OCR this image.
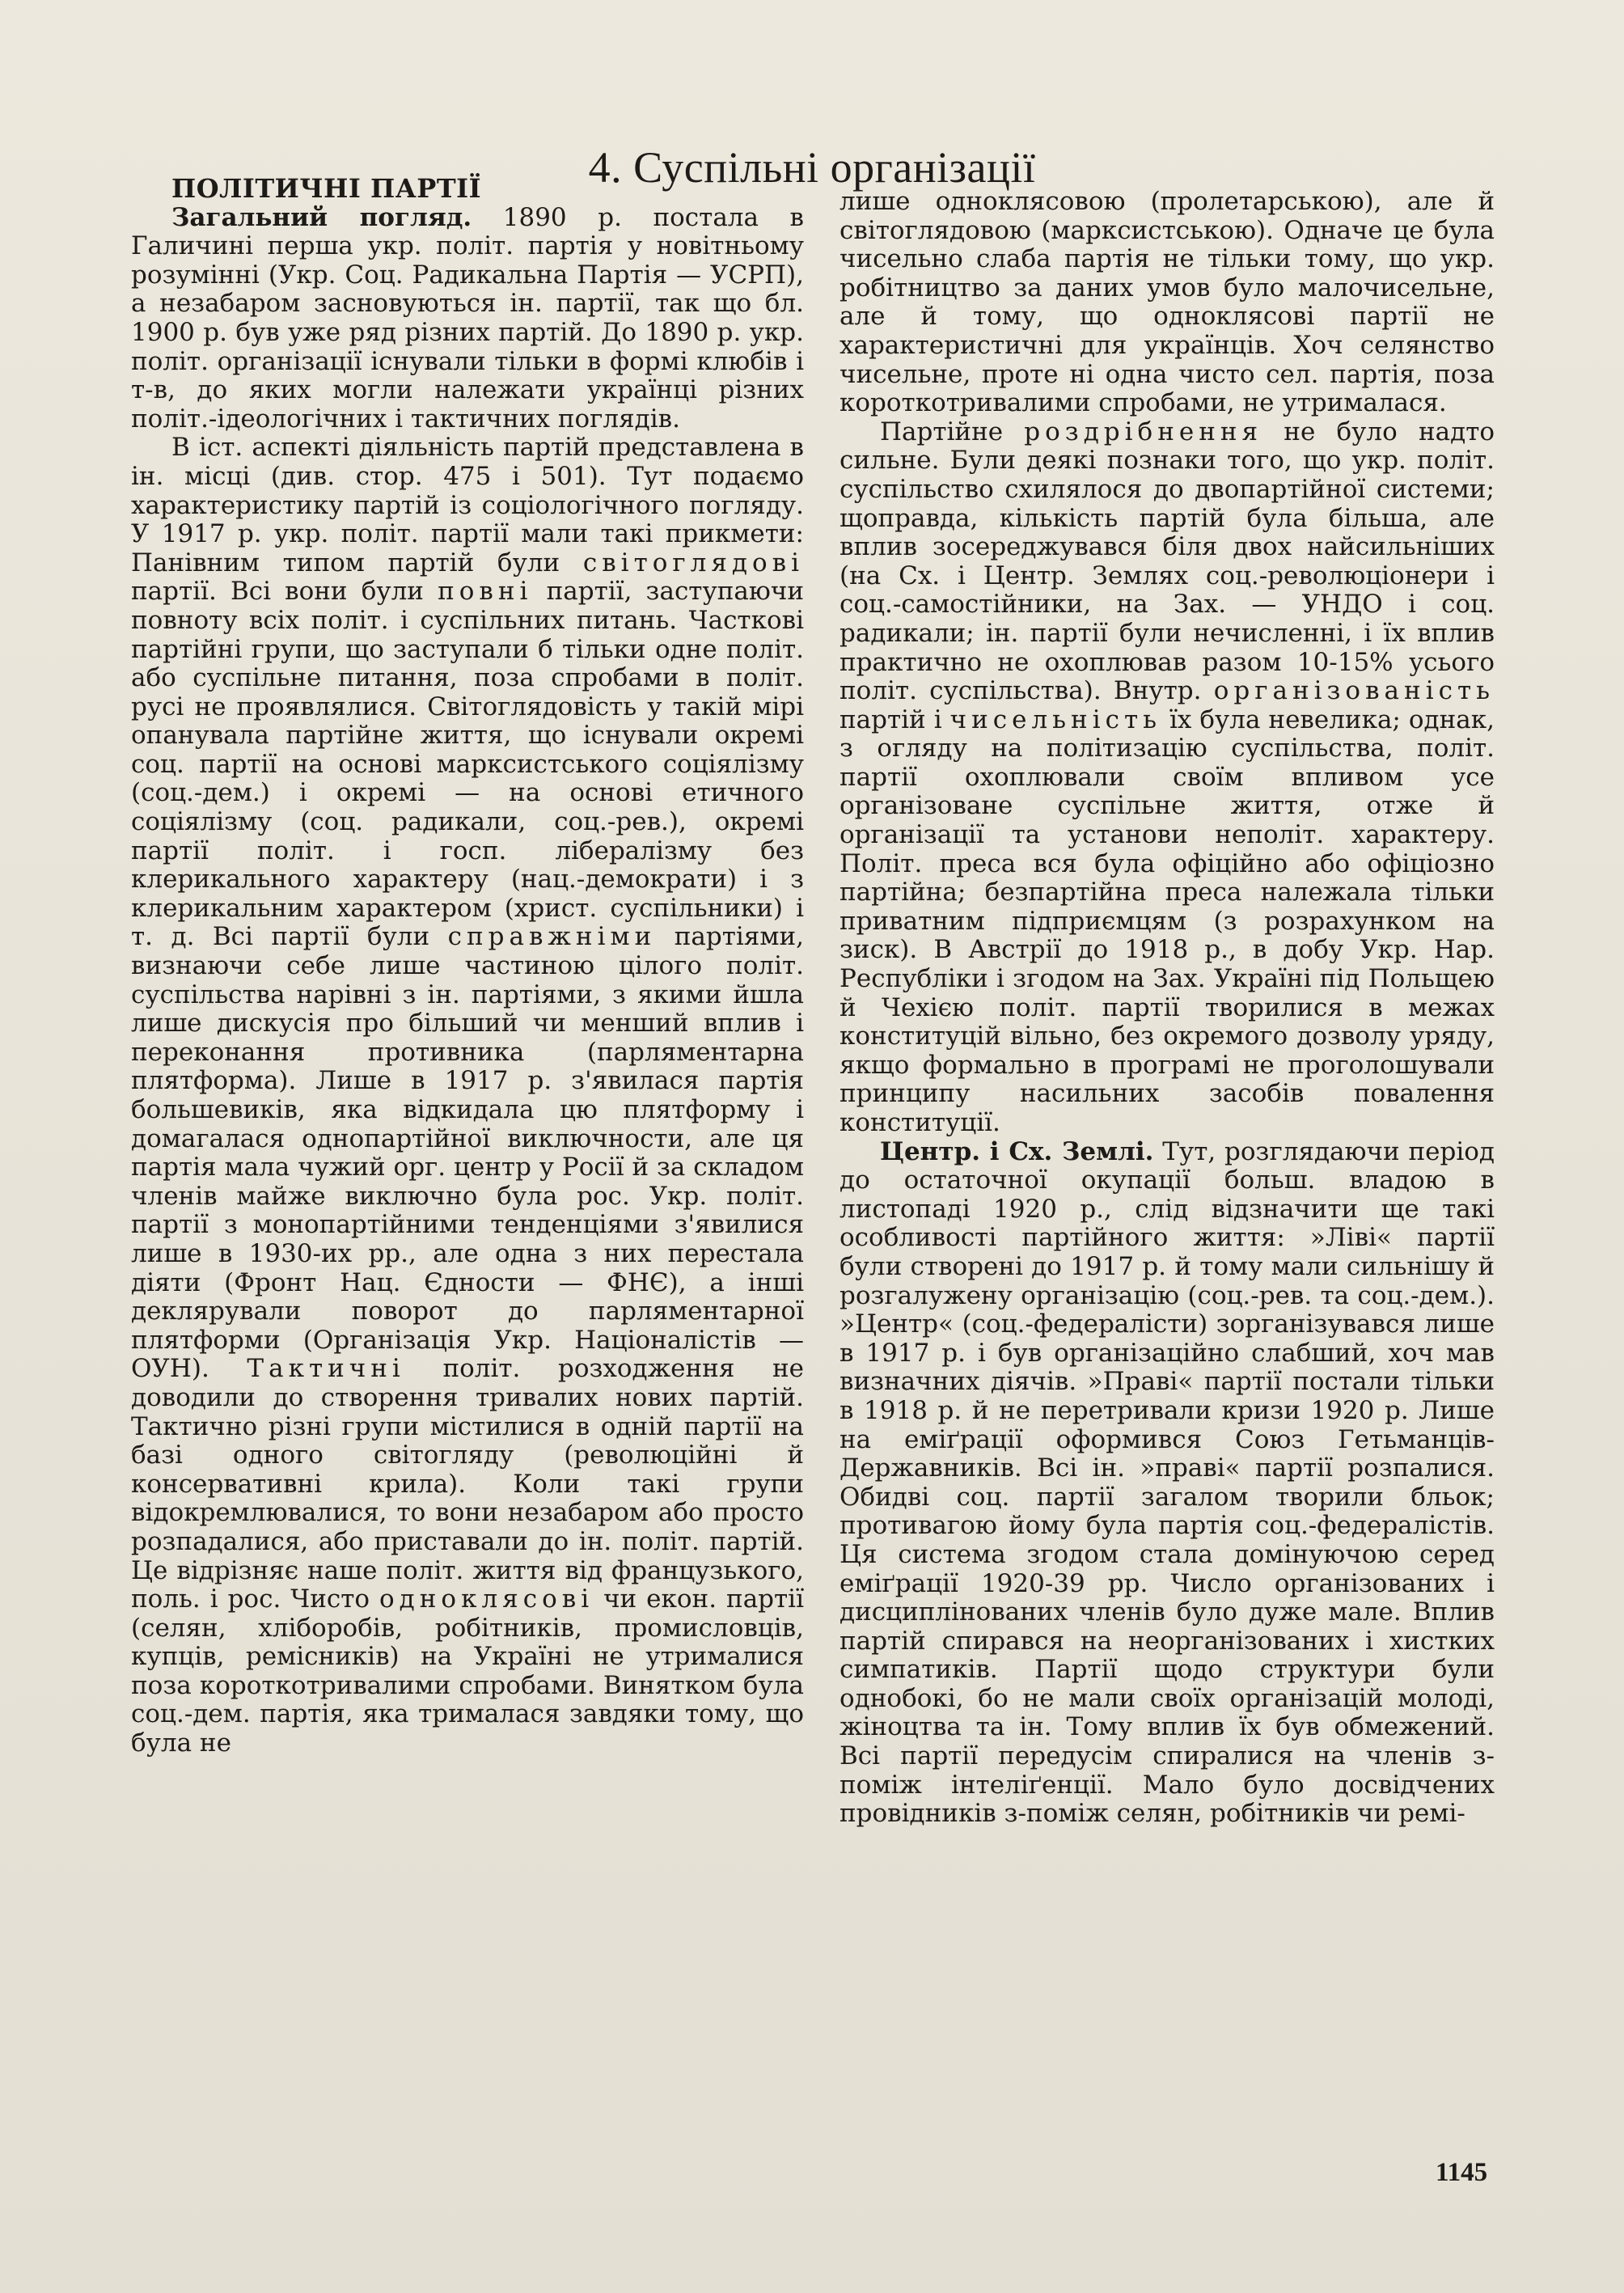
4. Суспільні організації

ПОЛІТИЧНІ ПАРТІЇ

Загальний погляд. 1890 р. постала в Галичині перша укр. політ. партія у новітньому розумінні (Укр. Соц. Радикальна Партія — УСРП), а незабаром засновуються ін. партії, так що бл. 1900 р. був уже ряд різних партій. До 1890 р. укр. політ. організації існували тільки в формі клюбів і т-в, до яких могли належати українці різних політ.-ідеологічних і тактичних поглядів.

В іст. аспекті діяльність партій представлена в ін. місці (див. стор. 475 і 501). Тут подаємо характеристику партій із соціологічного погляду. У 1917 р. укр. політ. партії мали такі прикмети: Панівним типом партій були світоглядові партії. Всі вони були повні партії, заступаючи повноту всіх політ. і суспільних питань. Часткові партійні групи, що заступали б тільки одне політ. або суспільне питання, поза спробами в політ. русі не проявлялися. Світоглядовість у такій мірі опанувала партійне життя, що існували окремі соц. партії на основі марксистського соціялізму (соц.-дем.) і окремі — на основі етичного соціялізму (соц. радикали, соц.-рев.), окремі партії політ. і госп. лібералізму без клерикального характеру (нац.-демократи) і з клерикальним характером (христ. суспільники) і т. д. Всі партії були справжніми партіями, визнаючи себе лише частиною цілого політ. суспільства нарівні з ін. партіями, з якими йшла лише дискусія про більший чи менший вплив і переконання противника (парляментарна плятформа). Лише в 1917 р. з'явилася партія большевиків, яка відкидала цю плятформу і домагалася однопартійної виключности, але ця партія мала чужий орг. центр у Росії й за складом членів майже виключно була рос. Укр. політ. партії з монопартійними тенденціями з'явилися лише в 1930-их рр., але одна з них перестала діяти (Фронт Нац. Єдности — ФНЄ), а інші деклярували поворот до парляментарної плятформи (Організація Укр. Націоналістів — ОУН). Тактичні політ. розходження не доводили до створення тривалих нових партій. Тактично різні групи містилися в одній партії на базі одного світогляду (революційні й консервативні крила). Коли такі групи відокремлювалися, то вони незабаром або просто розпадалися, або приставали до ін. політ. партій. Це відрізняє наше політ. життя від французького, поль. і рос. Чисто одноклясові чи екон. партії (селян, хліборобів, робітників, промисловців, купців, ремісників) на Україні не утрималися поза короткотривалими спробами. Винятком була соц.-дем. партія, яка трималася завдяки тому, що була не

лише одноклясовою (пролетарською), але й світоглядовою (марксистською). Одначе це була чисельно слаба партія не тільки тому, що укр. робітництво за даних умов було малочисельне, але й тому, що одноклясові партії не характеристичні для українців. Хоч селянство чисельне, проте ні одна чисто сел. партія, поза короткотривалими спробами, не утрималася.

Партійне роздрібнення не було надто сильне. Були деякі познаки того, що укр. політ. суспільство схилялося до двопартійної системи; щоправда, кількість партій була більша, але вплив зосереджувався біля двох найсильніших (на Сх. і Центр. Землях соц.-революціонери і соц.-самостійники, на Зах. — УНДО і соц. радикали; ін. партії були нечисленні, і їх вплив практично не охоплював разом 10-15% усього політ. суспільства). Внутр. організованість партій і чисельність їх була невелика; однак, з огляду на політизацію суспільства, політ. партії охоплювали своїм впливом усе організоване суспільне життя, отже й організації та установи неполіт. характеру. Політ. преса вся була офіційно або офіціозно партійна; безпартійна преса належала тільки приватним підприємцям (з розрахунком на зиск). В Австрії до 1918 р., в добу Укр. Нар. Республіки і згодом на Зах. Україні під Польщею й Чехією політ. партії творилися в межах конституцій вільно, без окремого дозволу уряду, якщо формально в програмі не проголошували принципу насильних засобів повалення конституції.

Центр. і Сх. Землі. Тут, розглядаючи період до остаточної окупації больш. владою в листопаді 1920 р., слід відзначити ще такі особливості партійного життя: »Ліві« партії були створені до 1917 р. й тому мали сильнішу й розгалужену організацію (соц.-рев. та соц.-дем.). »Центр« (соц.-федералісти) зорганізувався лише в 1917 р. і був організаційно слабший, хоч мав визначних діячів. »Праві« партії постали тільки в 1918 р. й не перетривали кризи 1920 р. Лише на еміґрації оформився Союз Гетьманців-Державників. Всі ін. »праві« партії розпалися. Обидві соц. партії загалом творили бльок; противагою йому була партія соц.-федералістів. Ця система згодом стала домінуючою серед еміґрації 1920-39 рр. Число організованих і дисциплінованих членів було дуже мале. Вплив партій спирався на неорганізованих і хистких симпатиків. Партії щодо структури були однобокі, бо не мали своїх організацій молоді, жіноцтва та ін. Тому вплив їх був обмежений. Всі партії передусім спиралися на членів з-поміж інтеліґенції. Мало було досвідчених провідників з-поміж селян, робітників чи ремі-

1145
